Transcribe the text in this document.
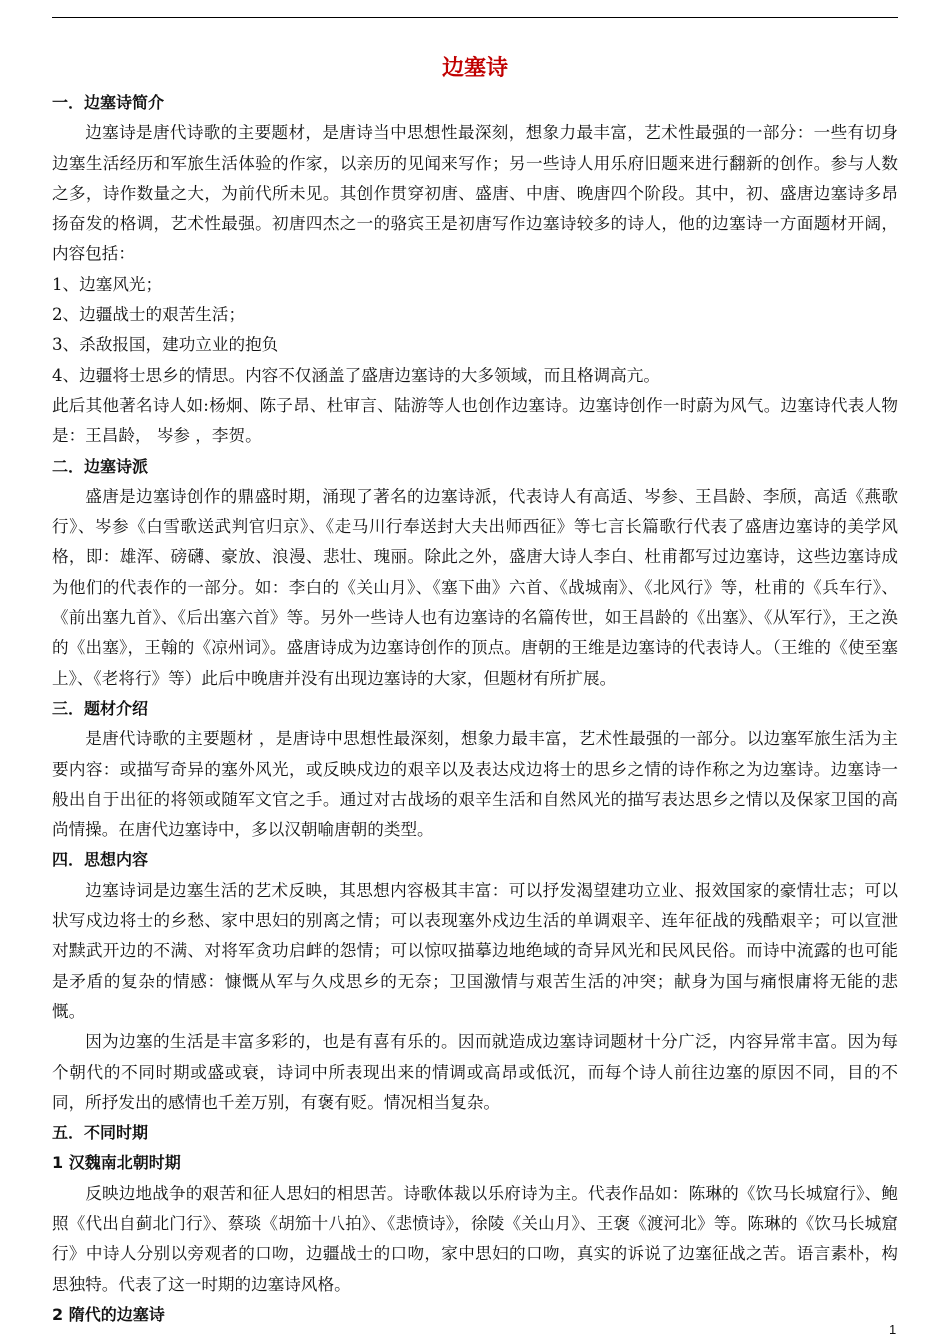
边塞诗

一．边塞诗简介

边塞诗是唐代诗歌的主要题材，是唐诗当中思想性最深刻，想象力最丰富，艺术性最强的一部分：一些有切身边塞生活经历和军旅生活体验的作家，以亲历的见闻来写作；另一些诗人用乐府旧题来进行翻新的创作。参与人数之多，诗作数量之大，为前代所未见。其创作贯穿初唐、盛唐、中唐、晚唐四个阶段。其中，初、盛唐边塞诗多昂扬奋发的格调，艺术性最强。初唐四杰之一的骆宾王是初唐写作边塞诗较多的诗人，他的边塞诗一方面题材开阔，内容包括：

1、边塞风光；

2、边疆战士的艰苦生活；

3、杀敌报国，建功立业的抱负

4、边疆将士思乡的情思。内容不仅涵盖了盛唐边塞诗的大多领域，而且格调高亢。

此后其他著名诗人如:杨炯、陈子昂、杜审言、陆游等人也创作边塞诗。边塞诗创作一时蔚为风气。边塞诗代表人物是：王昌龄， 岑参 ，李贺。

二．边塞诗派

盛唐是边塞诗创作的鼎盛时期，涌现了著名的边塞诗派，代表诗人有高适、岑参、王昌龄、李颀，高适《燕歌行》、岑参《白雪歌送武判官归京》、《走马川行奉送封大夫出师西征》等七言长篇歌行代表了盛唐边塞诗的美学风格，即：雄浑、磅礴、豪放、浪漫、悲壮、瑰丽。除此之外，盛唐大诗人李白、杜甫都写过边塞诗，这些边塞诗成为他们的代表作的一部分。如：李白的《关山月》、《塞下曲》六首、《战城南》、《北风行》等，杜甫的《兵车行》、《前出塞九首》、《后出塞六首》等。另外一些诗人也有边塞诗的名篇传世，如王昌龄的《出塞》、《从军行》，王之涣的《出塞》，王翰的《凉州词》。盛唐诗成为边塞诗创作的顶点。唐朝的王维是边塞诗的代表诗人。（王维的《使至塞上》、《老将行》等）此后中晚唐并没有出现边塞诗的大家，但题材有所扩展。

三．题材介绍

是唐代诗歌的主要题材 ，是唐诗中思想性最深刻，想象力最丰富，艺术性最强的一部分。以边塞军旅生活为主要内容：或描写奇异的塞外风光，或反映戍边的艰辛以及表达戍边将士的思乡之情的诗作称之为边塞诗。边塞诗一般出自于出征的将领或随军文官之手。通过对古战场的艰辛生活和自然风光的描写表达思乡之情以及保家卫国的高尚情操。在唐代边塞诗中，多以汉朝喻唐朝的类型。

四．思想内容

边塞诗词是边塞生活的艺术反映，其思想内容极其丰富：可以抒发渴望建功立业、报效国家的豪情壮志；可以状写戍边将士的乡愁、家中思妇的别离之情；可以表现塞外戍边生活的单调艰辛、连年征战的残酷艰辛；可以宣泄对黩武开边的不满、对将军贪功启衅的怨情；可以惊叹描摹边地绝域的奇异风光和民风民俗。而诗中流露的也可能是矛盾的复杂的情感：慷慨从军与久戍思乡的无奈；卫国激情与艰苦生活的冲突；献身为国与痛恨庸将无能的悲慨。

因为边塞的生活是丰富多彩的，也是有喜有乐的。因而就造成边塞诗词题材十分广泛，内容异常丰富。因为每个朝代的不同时期或盛或衰，诗词中所表现出来的情调或高昂或低沉，而每个诗人前往边塞的原因不同，目的不同，所抒发出的感情也千差万别，有褒有贬。情况相当复杂。

五．不同时期

1 汉魏南北朝时期

反映边地战争的艰苦和征人思妇的相思苦。诗歌体裁以乐府诗为主。代表作品如：陈琳的《饮马长城窟行》、鲍照《代出自蓟北门行》、蔡琰《胡笳十八拍》、《悲愤诗》，徐陵《关山月》、王褒《渡河北》等。陈琳的《饮马长城窟行》中诗人分别以旁观者的口吻，边疆战士的口吻，家中思妇的口吻，真实的诉说了边塞征战之苦。语言素朴，构思独特。代表了这一时期的边塞诗风格。

2 隋代的边塞诗

1
